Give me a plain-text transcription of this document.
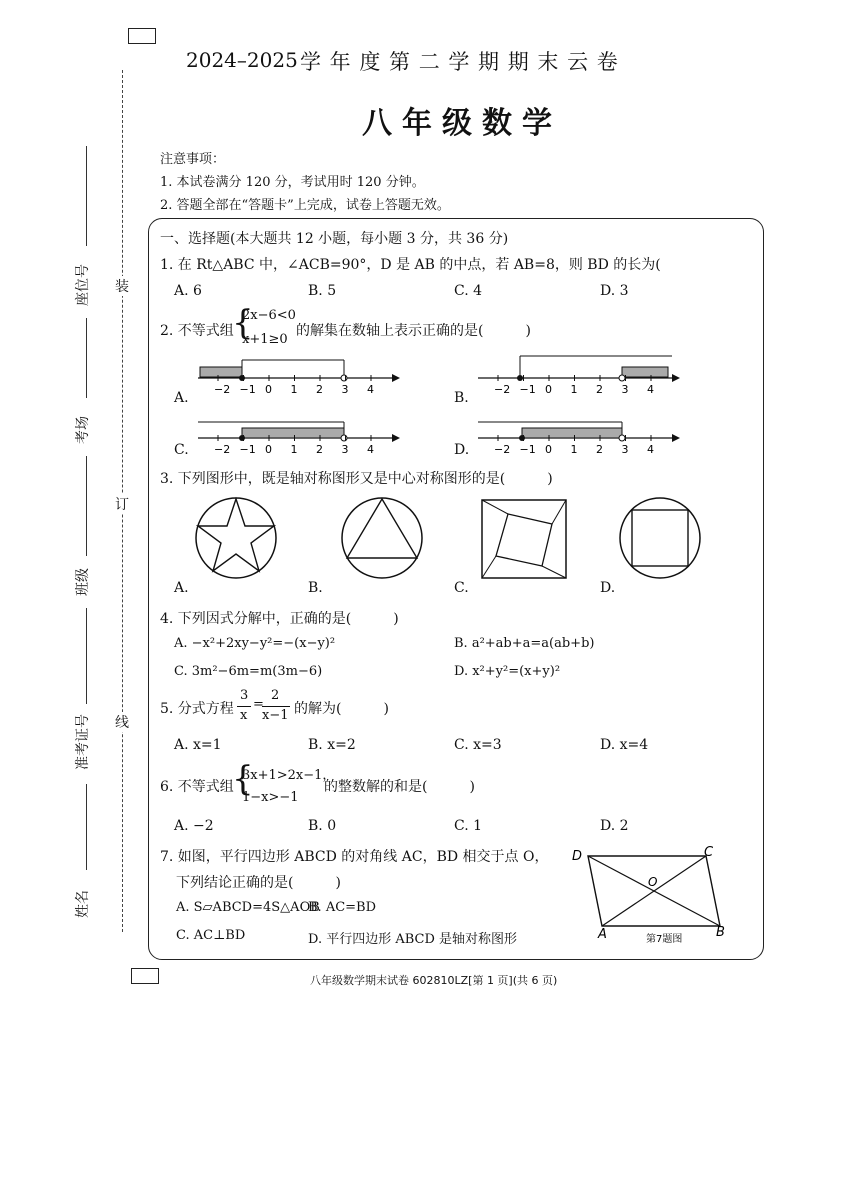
2024–2025 学 年 度 第 二 学 期 期 末 云 卷
八年级数学
注意事项：
1. 本试卷满分 120 分，考试用时 120 分钟。
2. 答题全部在“答题卡”上完成，试卷上答题无效。
装
订
线
座位号
考场
班级
准考证号
姓名
一、选择题(本大题共 12 小题，每小题 3 分，共 36 分)
1. 在 Rt△ABC 中，∠ACB=90°，D 是 AB 的中点，若 AB=8，则 BD 的长为(
A. 6	B. 5	C. 4	D. 3
2. 不等式组
{
2x−6<0
x+1≥0
的解集在数轴上表示正确的是(　　　)
−2 −1 0 1 2 3 4	−2 −1 0 1 2 3 4
−2 −1 0 1 2 3 4	−2 −1 0 1 2 3 4
A.	B.
C.	D.
3. 下列图形中，既是轴对称图形又是中心对称图形的是(　　　)
A.	B.	C.	D.
4. 下列因式分解中，正确的是(　　　)
A. −x²+2xy−y²=−(x−y)²	B. a²+ab+a=a(ab+b)
C. 3m²−6m=m(3m−6)	D. x²+y²=(x+y)²
5. 分式方程
3
x
=
2
x−1 的解为(　　　)
A. x=1	B. x=2	C. x=3	D. x=4
6. 不等式组
{
3x+1>2x−1，
1−x>−1
的整数解的和是(　　　)
A. −2	B. 0	C. 1	D. 2
7. 如图，平行四边形 ABCD 的对角线 AC，BD 相交于点 O，
下列结论正确的是(　　　)
A. S▱ABCD=4S△AOB
B. AC=BD
C. AC⊥BD	D. 平行四边形 ABCD 是轴对称图形
D	C
O
A	B
第7题图
八年级数学期末试卷 602810LZ[第 1 页](共 6 页)
